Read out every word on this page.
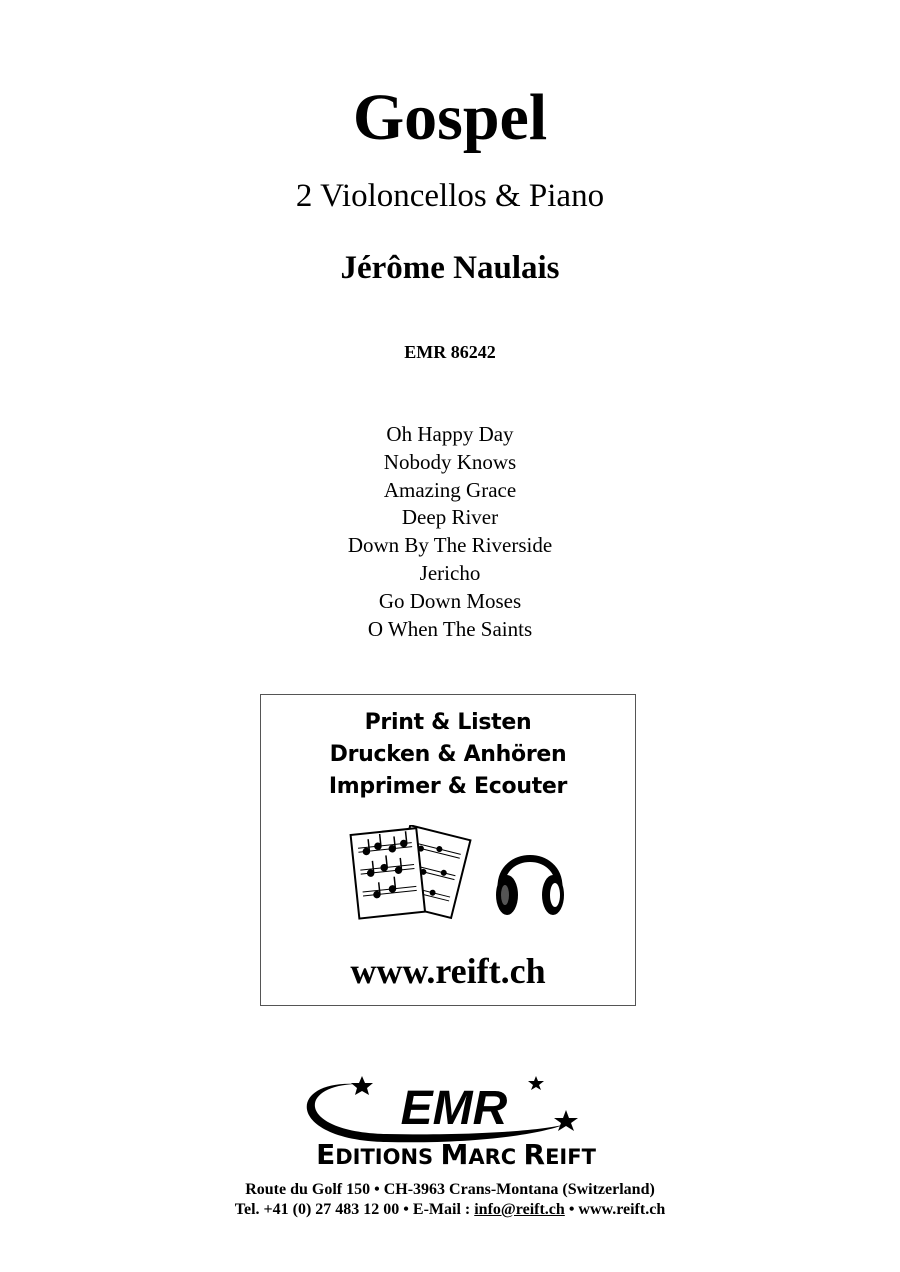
Gospel
2 Violoncellos & Piano
Jérôme Naulais
EMR 86242
Oh Happy Day
Nobody Knows
Amazing Grace
Deep River
Down By The Riverside
Jericho
Go Down Moses
O When The Saints
Print & Listen
Drucken & Anhören
Imprimer & Ecouter
www.reift.ch
EMR
EDITIONS MARC REIFT
Route du Golf 150 • CH-3963 Crans-Montana (Switzerland)
Tel. +41 (0) 27 483 12 00 • E-Mail : info@reift.ch • www.reift.ch
